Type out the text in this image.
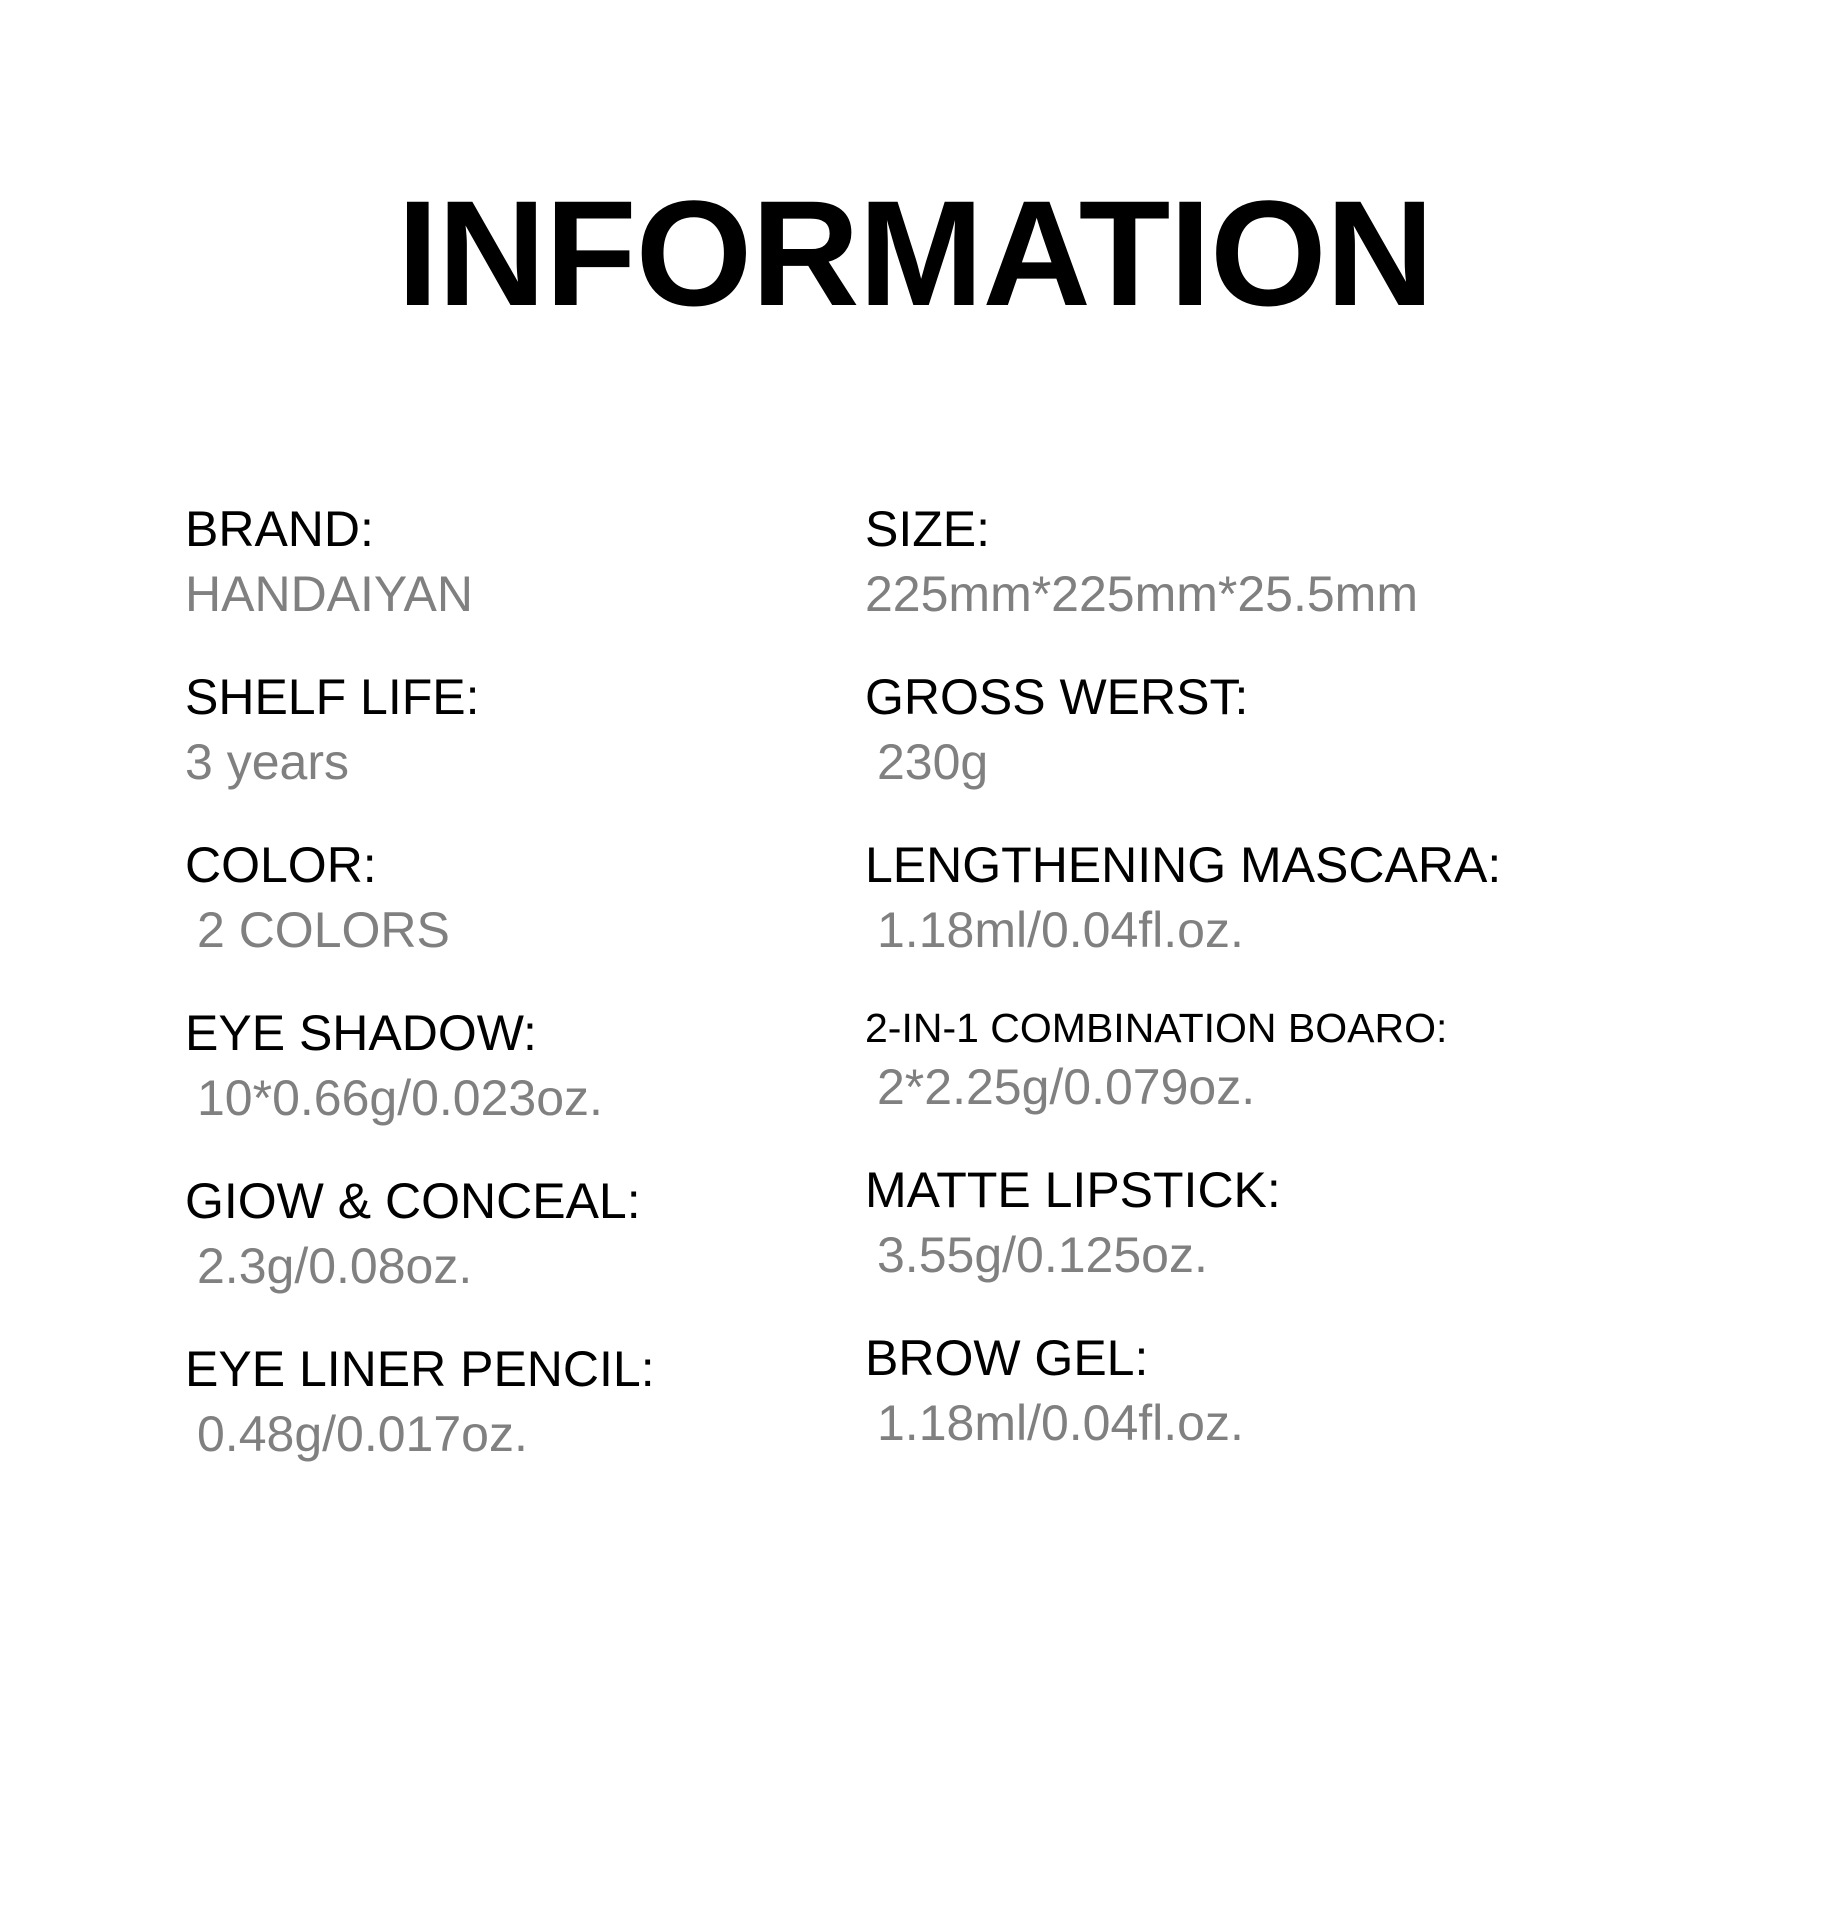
INFORMATION
BRAND:
HANDAIYAN
SHELF LIFE:
3 years
COLOR:
2 COLORS
EYE SHADOW:
10*0.66g/0.023oz.
GIOW & CONCEAL:
2.3g/0.08oz.
EYE LINER PENCIL:
0.48g/0.017oz.
SIZE:
225mm*225mm*25.5mm
GROSS WERST:
230g
LENGTHENING MASCARA:
1.18ml/0.04fl.oz.
2-IN-1 COMBINATION BOARO:
2*2.25g/0.079oz.
MATTE LIPSTICK:
3.55g/0.125oz.
BROW GEL:
1.18ml/0.04fl.oz.
